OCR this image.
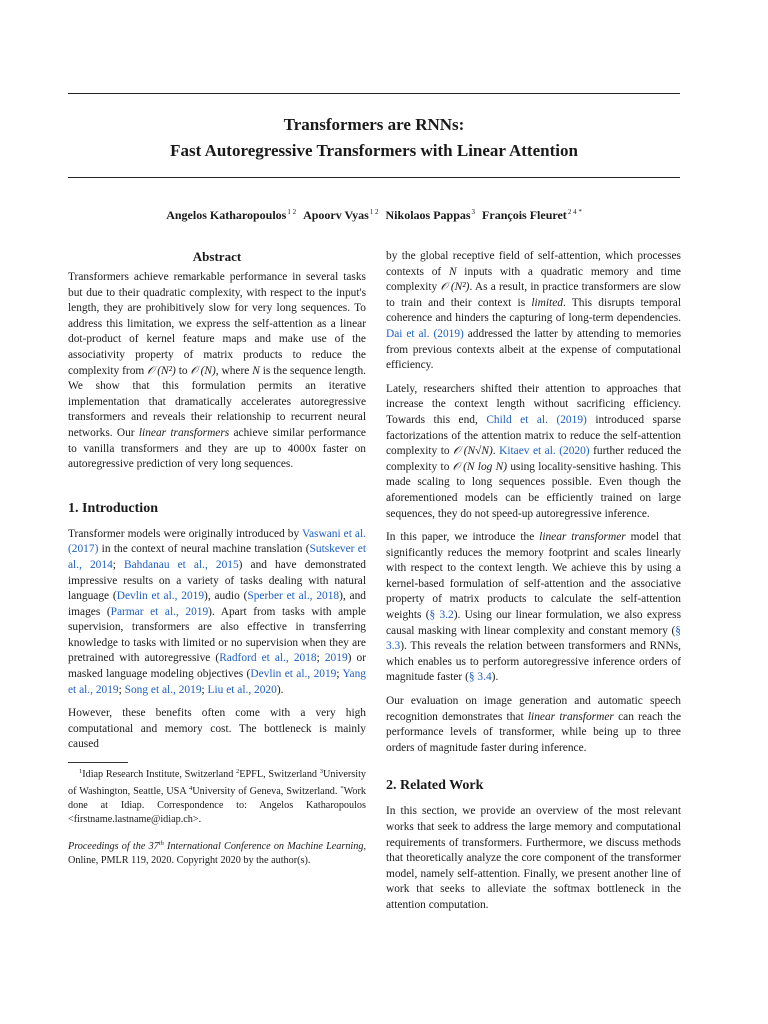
Transformers are RNNs:
Fast Autoregressive Transformers with Linear Attention
Angelos Katharopoulos$^{1 2}$ Apoorv Vyas$^{1 2}$ Nikolaos Pappas$^3$ François Fleuret$^{2 4 *}$
Abstract

Transformers achieve remarkable performance in several tasks but due to their quadratic complexity, with respect to the input's length, they are prohibitively slow for very long sequences. To address this limitation, we express the self-attention as a linear dot-product of kernel feature maps and make use of the associativity property of matrix products to reduce the complexity from 𝒪 (N²) to 𝒪 (N), where N is the sequence length. We show that this formulation permits an iterative implementation that dramatically accelerates autoregressive transformers and reveals their relationship to recurrent neural networks. Our linear transformers achieve similar performance to vanilla transformers and they are up to 4000x faster on autoregressive prediction of very long sequences.

1. Introduction

Transformer models were originally introduced by Vaswani et al. (2017) in the context of neural machine translation (Sutskever et al., 2014; Bahdanau et al., 2015) and have demonstrated impressive results on a variety of tasks dealing with natural language (Devlin et al., 2019), audio (Sperber et al., 2018), and images (Parmar et al., 2019). Apart from tasks with ample supervision, transformers are also effective in transferring knowledge to tasks with limited or no supervision when they are pretrained with autoregressive (Radford et al., 2018; 2019) or masked language modeling objectives (Devlin et al., 2019; Yang et al., 2019; Song et al., 2019; Liu et al., 2020).

However, these benefits often come with a very high computational and memory cost. The bottleneck is mainly caused

$^1$Idiap Research Institute, Switzerland $^2$EPFL, Switzerland $^3$University of Washington, Seattle, USA $^4$University of Geneva, Switzerland. *Work done at Idiap. Correspondence to: Angelos Katharopoulos <firstname.lastname@idiap.ch>.

Proceedings of the 37th International Conference on Machine Learning, Online, PMLR 119, 2020. Copyright 2020 by the author(s).

by the global receptive field of self-attention, which processes contexts of N inputs with a quadratic memory and time complexity 𝒪 (N²). As a result, in practice transformers are slow to train and their context is limited. This disrupts temporal coherence and hinders the capturing of long-term dependencies. Dai et al. (2019) addressed the latter by attending to memories from previous contexts albeit at the expense of computational efficiency.

Lately, researchers shifted their attention to approaches that increase the context length without sacrificing efficiency. Towards this end, Child et al. (2019) introduced sparse factorizations of the attention matrix to reduce the self-attention complexity to 𝒪 (N√N). Kitaev et al. (2020) further reduced the complexity to 𝒪 (N log N) using locality-sensitive hashing. This made scaling to long sequences possible. Even though the aforementioned models can be efficiently trained on large sequences, they do not speed-up autoregressive inference.

In this paper, we introduce the linear transformer model that significantly reduces the memory footprint and scales linearly with respect to the context length. We achieve this by using a kernel-based formulation of self-attention and the associative property of matrix products to calculate the self-attention weights (§ 3.2). Using our linear formulation, we also express causal masking with linear complexity and constant memory (§ 3.3). This reveals the relation between transformers and RNNs, which enables us to perform autoregressive inference orders of magnitude faster (§ 3.4).

Our evaluation on image generation and automatic speech recognition demonstrates that linear transformer can reach the performance levels of transformer, while being up to three orders of magnitude faster during inference.

2. Related Work

In this section, we provide an overview of the most relevant works that seek to address the large memory and computational requirements of transformers. Furthermore, we discuss methods that theoretically analyze the core component of the transformer model, namely self-attention. Finally, we present another line of work that seeks to alleviate the softmax bottleneck in the attention computation.
